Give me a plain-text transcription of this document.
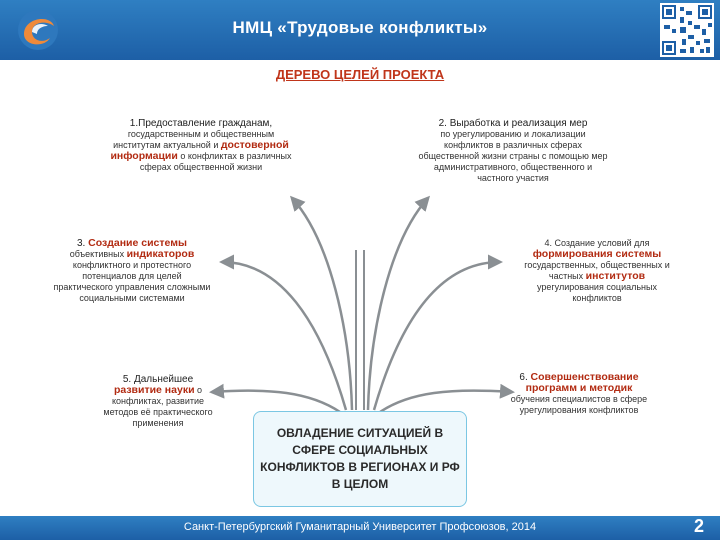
НМЦ «Трудовые конфликты»
ДЕРЕВО ЦЕЛЕЙ ПРОЕКТА
1.Предоставление гражданам,
государственным и общественным институтам актуальной и достоверной информации о конфликтах в различных сферах общественной жизни
2. Выработка и реализация мер
по урегулированию и локализации конфликтов в различных сферах общественной жизни страны с помощью мер административного, общественного и частного участия
3. Создание системы
объективных индикаторов конфликтного и протестного потенциалов для целей практического управления сложными социальными системами
4. Создание условий для
формирования системы
государственных, общественных и частных институтов урегулирования социальных конфликтов
5. Дальнейшее развитие науки о конфликтах, развитие методов её практического применения
6. Совершенствование программ и методик
обучения специалистов в сфере урегулирования конфликтов
ОВЛАДЕНИЕ СИТУАЦИЕЙ В СФЕРЕ СОЦИАЛЬНЫХ КОНФЛИКТОВ В РЕГИОНАХ И РФ В ЦЕЛОМ
Санкт-Петербургский Гуманитарный Университет Профсоюзов, 2014	2
